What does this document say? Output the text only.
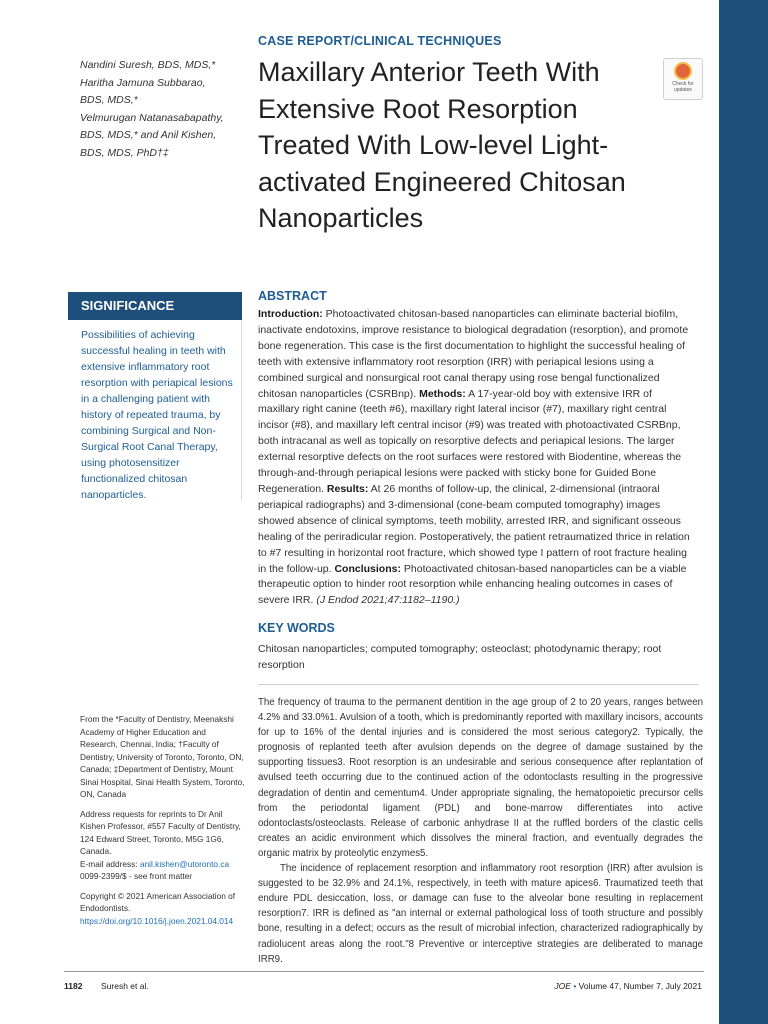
CASE REPORT/CLINICAL TECHNIQUES
Maxillary Anterior Teeth With Extensive Root Resorption Treated With Low-level Light-activated Engineered Chitosan Nanoparticles
Check for updates
Nandini Suresh, BDS, MDS,*
Haritha Jamuna Subbarao,
BDS, MDS,*
Velmurugan Natanasabapathy,
BDS, MDS,* and Anil Kishen,
BDS, MDS, PhD†‡
SIGNIFICANCE
Possibilities of achieving successful healing in teeth with extensive inflammatory root resorption with periapical lesions in a challenging patient with history of repeated trauma, by combining Surgical and Non-Surgical Root Canal Therapy, using photosensitizer functionalized chitosan nanoparticles.
ABSTRACT
Introduction: Photoactivated chitosan-based nanoparticles can eliminate bacterial biofilm, inactivate endotoxins, improve resistance to biological degradation (resorption), and promote bone regeneration. This case is the first documentation to highlight the successful healing of teeth with extensive inflammatory root resorption (IRR) with periapical lesions using a combined surgical and nonsurgical root canal therapy using rose bengal functionalized chitosan nanoparticles (CSRBnp). Methods: A 17-year-old boy with extensive IRR of maxillary right canine (teeth #6), maxillary right lateral incisor (#7), maxillary right central incisor (#8), and maxillary left central incisor (#9) was treated with photoactivated CSRBnp, both intracanal as well as topically on resorptive defects and periapical lesions. The larger external resorptive defects on the root surfaces were restored with Biodentine, whereas the through-and-through periapical lesions were packed with sticky bone for Guided Bone Regeneration. Results: At 26 months of follow-up, the clinical, 2-dimensional (intraoral periapical radiographs) and 3-dimensional (cone-beam computed tomography) images showed absence of clinical symptoms, teeth mobility, arrested IRR, and significant osseous healing of the periradicular region. Postoperatively, the patient retraumatized thrice in relation to #7 resulting in horizontal root fracture, which showed type I pattern of root fracture healing in the follow-up. Conclusions: Photoactivated chitosan-based nanoparticles can be a viable therapeutic option to hinder root resorption while enhancing healing outcomes in cases of severe IRR. (J Endod 2021;47:1182–1190.)
KEY WORDS
Chitosan nanoparticles; computed tomography; osteoclast; photodynamic therapy; root resorption

From the *Faculty of Dentistry, Meenakshi Academy of Higher Education and Research, Chennai, India; †Faculty of Dentistry, University of Toronto, Toronto, ON, Canada; ‡Department of Dentistry, Mount Sinai Hospital, Sinai Health System, Toronto, ON, Canada

Address requests for reprints to Dr Anil Kishen Professor, #557 Faculty of Dentistry, 124 Edward Street, Toronto, M5G 1G6, Canada.
E-mail address: anil.kishen@utoronto.ca
0099-2399/$ - see front matter

Copyright © 2021 American Association of Endodontists.
https://doi.org/10.1016/j.joen.2021.04.014

The frequency of trauma to the permanent dentition in the age group of 2 to 20 years, ranges between 4.2% and 33.0%1. Avulsion of a tooth, which is predominantly reported with maxillary incisors, accounts for up to 16% of the dental injuries and is considered the most serious category2. Typically, the prognosis of replanted teeth after avulsion depends on the degree of damage sustained by the supporting tissues3. Root resorption is an undesirable and serious consequence after replantation of avulsed teeth occurring due to the continued action of the odontoclasts resulting in the progressive degradation of dentin and cementum4. Under appropriate signaling, the hematopoietic precursor cells from the periodontal ligament (PDL) and bone-marrow differentiates into active odontoclasts/osteoclasts. Release of carbonic anhydrase II at the ruffled borders of the clastic cells creates an acidic environment which dissolves the mineral fraction, and eventually degrades the organic matrix by proteolytic enzymes5.

The incidence of replacement resorption and inflammatory root resorption (IRR) after avulsion is suggested to be 32.9% and 24.1%, respectively, in teeth with mature apices6. Traumatized teeth that endure PDL desiccation, loss, or damage can fuse to the alveolar bone resulting in replacement resorption7. IRR is defined as "an internal or external pathological loss of tooth structure and possibly bone, resulting in a defect; occurs as the result of microbial infection, characterized radiographically by radiolucent areas along the root."8 Preventive or interceptive strategies are deliberated to manage IRR9.

1182 Suresh et al.	JOE • Volume 47, Number 7, July 2021
